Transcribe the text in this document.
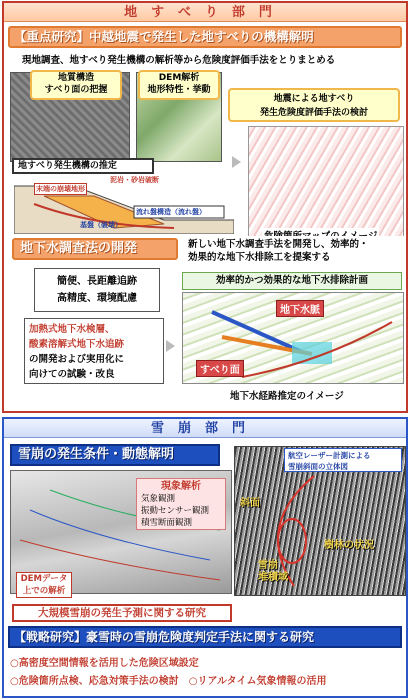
地すべり部門
【重点研究】中越地震で発生した地すべりの機構解明
現地調査、地すべり発生機構の解析等から危険度評価手法をとりまとめる
地質構造
すべり面の把握
DEM解析
地形特性・挙動
地震による地すべり
発生危険度評価手法の検討
地すべり発生機構の推定
末端の崩壊地形
泥岩・砂岩破断
流れ盤構造（流れ盤）
基盤（破壊）
地下水調査法の開発	新しい地下水調査手法を開発し、効率的・
効果的な地下水排除工を提案する
簡便、長距離追跡
高精度、環境配慮
加熱式地下水検層、
酸素溶解式地下水追跡
の開発および実用化に
向けての試験・改良
効率的かつ効果的な地下水排除計画
地下水脈
すべり面
地下水経路推定のイメージ
雪崩部門
雪崩の発生条件・動態解明
現象解析
気象観測
振動センサー観測
積雪断面観測
DEMデータ
上での解析
航空レーザー計測による
雪崩斜面の立体図
斜面
樹林の状況
雪崩
堆積域
大規模雪崩の発生予測に関する研究
【戦略研究】豪雪時の雪崩危険度判定手法に関する研究
○高密度空間情報を活用した危険区域設定
○危険箇所点検、応急対策手法の検討　○リアルタイム気象情報の活用
